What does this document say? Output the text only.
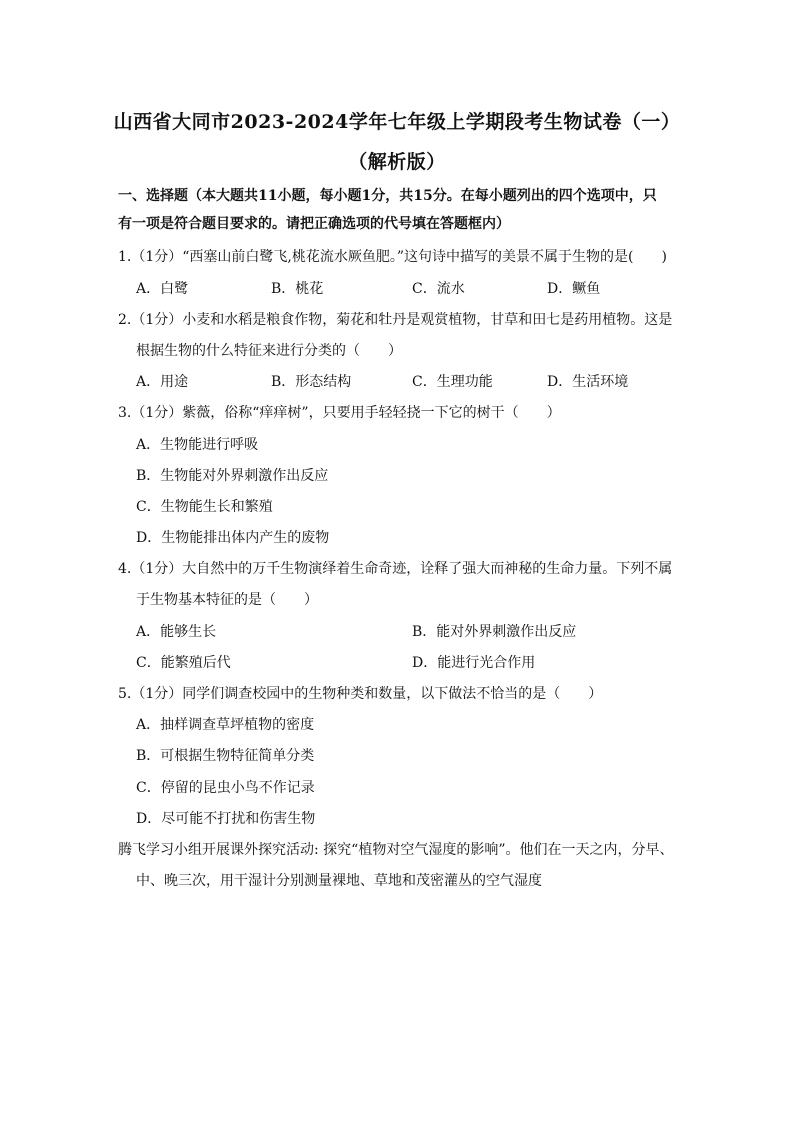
山西省大同市2023-2024学年七年级上学期段考生物试卷（一）
（解析版）
一、选择题（本大题共11小题，每小题1分，共15分。在每小题列出的四个选项中，只
有一项是符合题目要求的。请把正确选项的代号填在答题框内）
1.（1分）“西塞山前白鹭飞,桃花流水厥鱼肥。”这句诗中描写的美景不属于生物的是(　　)
A．白鹭	B．桃花	C．流水	D．鳜鱼
2.（1分）小麦和水稻是粮食作物，菊花和牡丹是观赏植物，甘草和田七是药用植物。这是
根据生物的什么特征来进行分类的（　　）
A．用途	B．形态结构	C．生理功能	D．生活环境
3.（1分）紫薇，俗称“痒痒树”，只要用手轻轻挠一下它的树干（　　）
A．生物能进行呼吸
B．生物能对外界刺激作出反应
C．生物能生长和繁殖
D．生物能排出体内产生的废物
4.（1分）大自然中的万千生物演绎着生命奇迹，诠释了强大而神秘的生命力量。下列不属
于生物基本特征的是（　　）
A．能够生长	B．能对外界刺激作出反应
C．能繁殖后代	D．能进行光合作用
5.（1分）同学们调查校园中的生物种类和数量，以下做法不恰当的是（　　）
A．抽样调查草坪植物的密度
B．可根据生物特征简单分类
C．停留的昆虫小鸟不作记录
D．尽可能不打扰和伤害生物
腾飞学习小组开展课外探究活动: 探究“植物对空气湿度的影响”。他们在一天之内，分早、
中、晚三次，用干湿计分别测量裸地、草地和茂密灌丛的空气湿度
